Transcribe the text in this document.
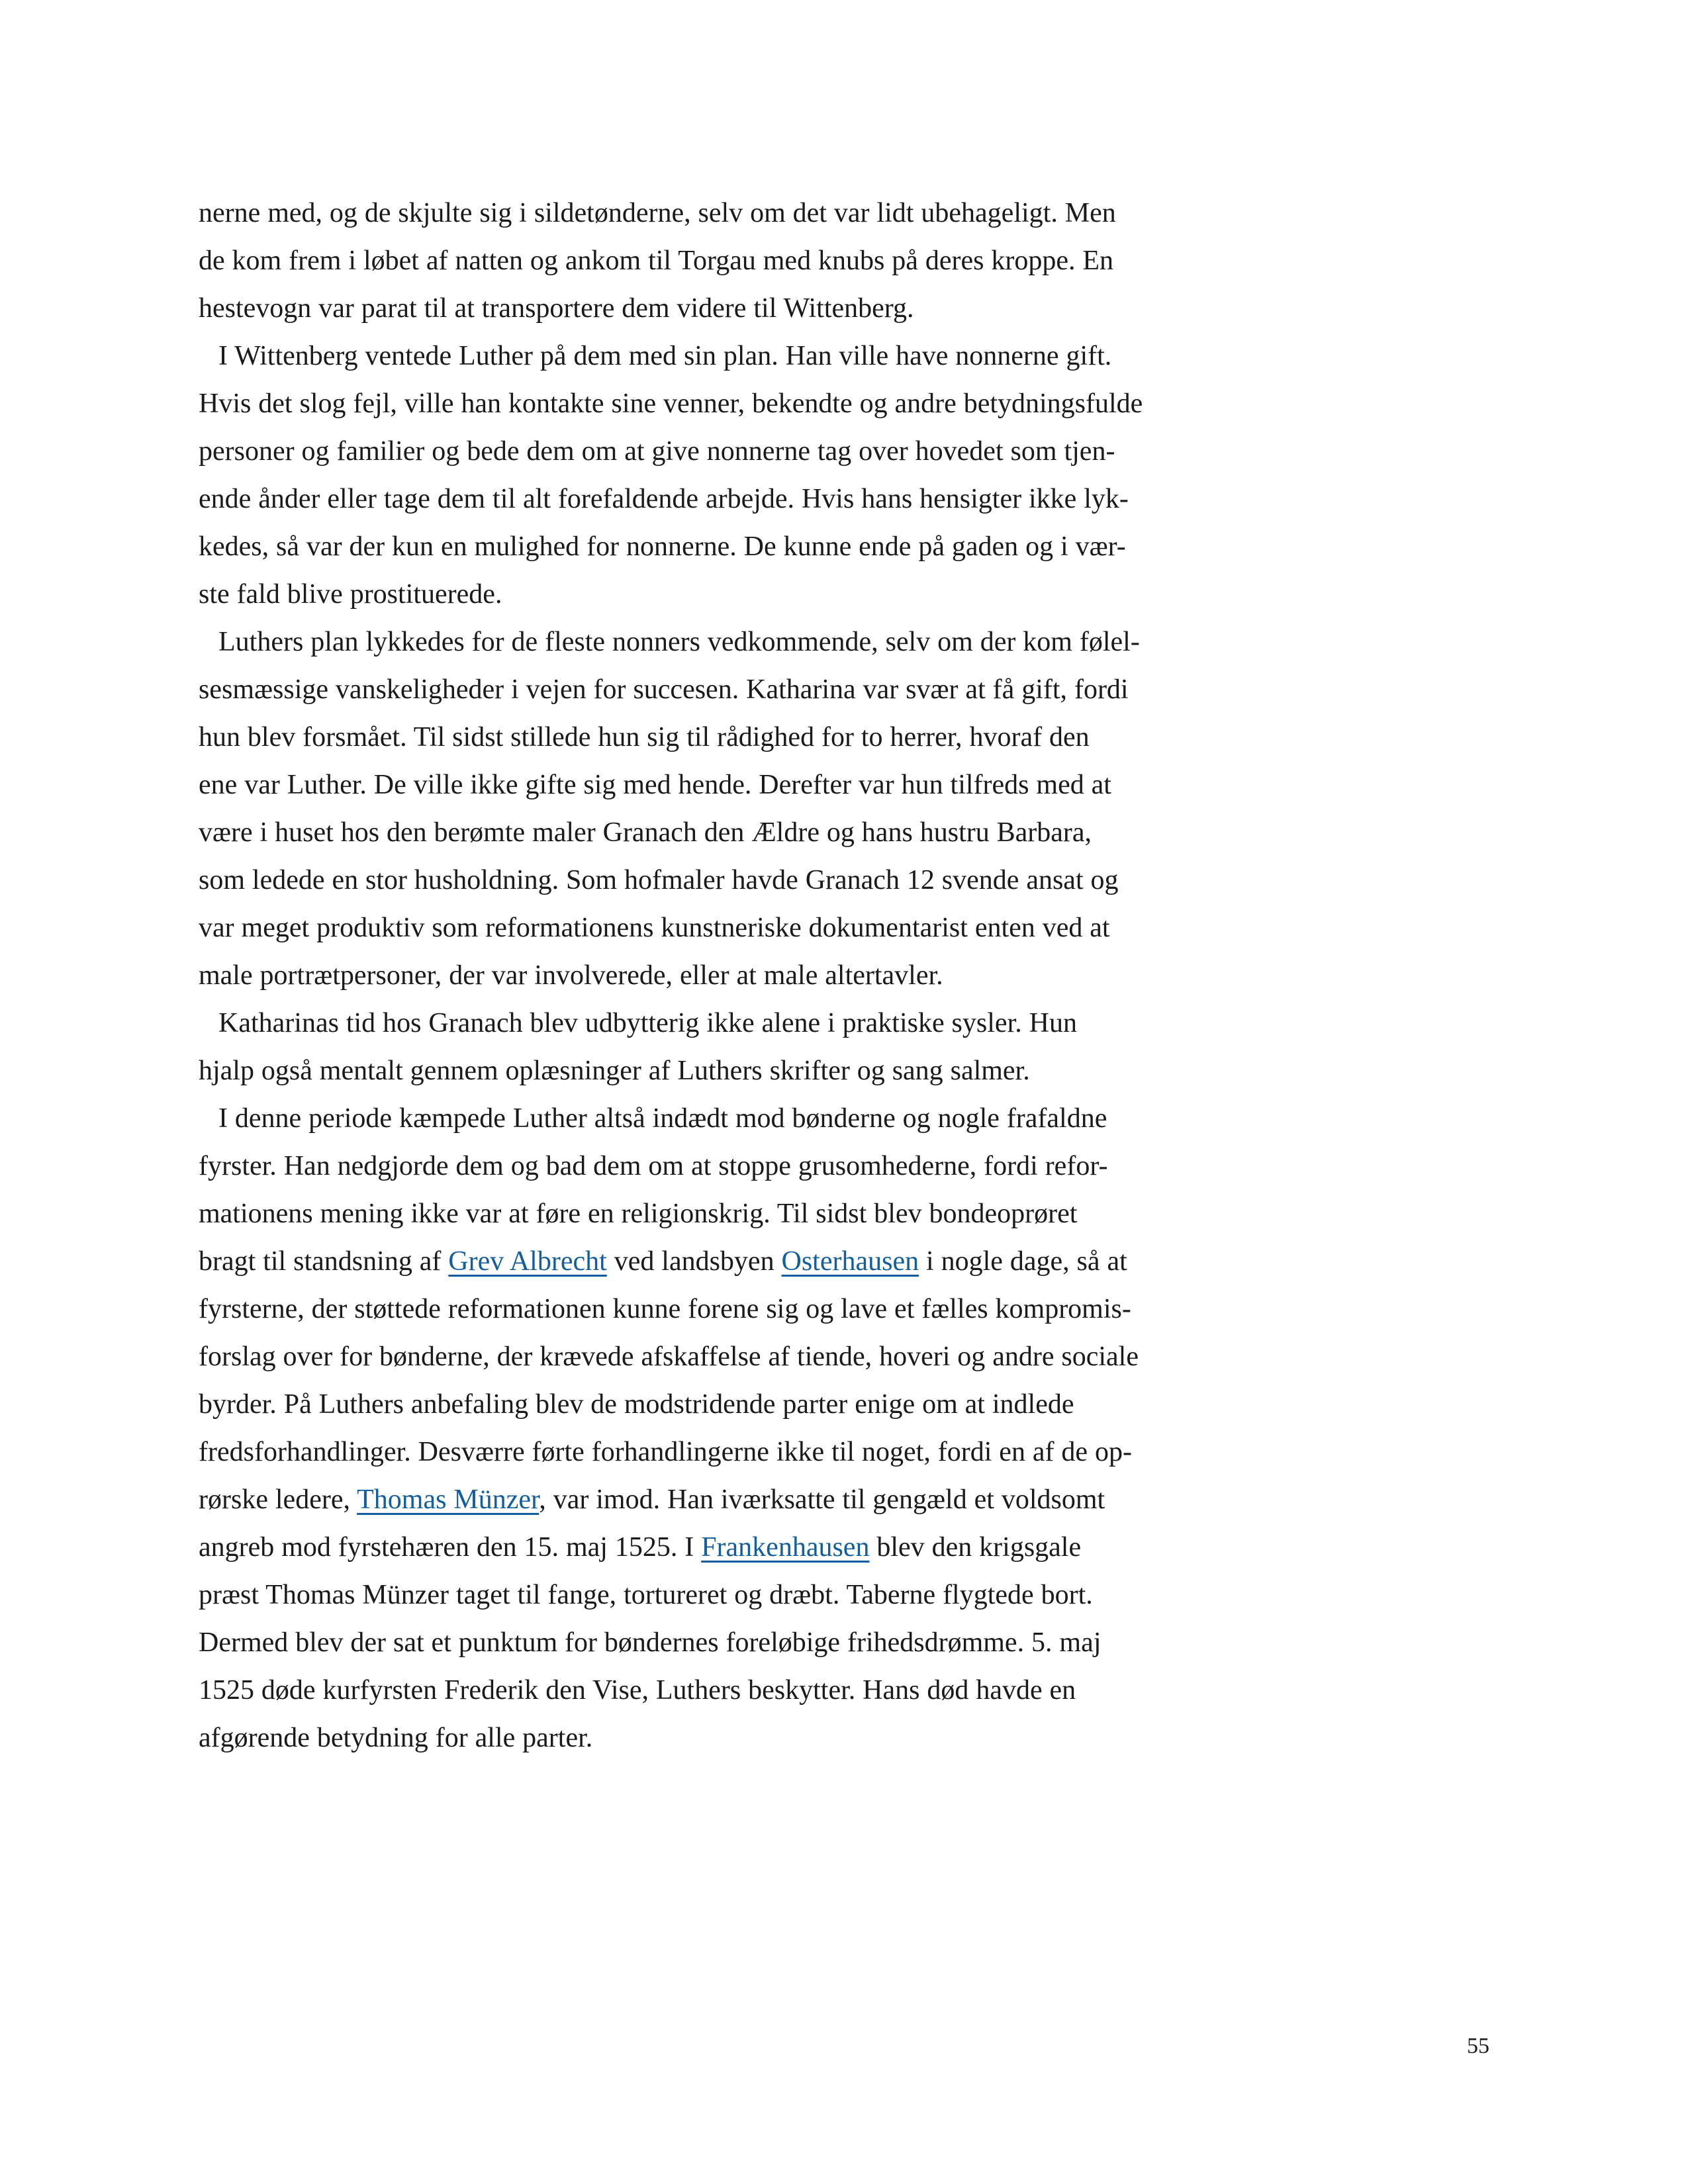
nerne med, og de skjulte sig i sildetønderne, selv om det var lidt ubehageligt. Men
de kom frem i løbet af natten og ankom til Torgau med knubs på deres kroppe. En
hestevogn var parat til at transportere dem videre til Wittenberg.

I Wittenberg ventede Luther på dem med sin plan. Han ville have nonnerne gift.
Hvis det slog fejl, ville han kontakte sine venner, bekendte og andre betydningsfulde
personer og familier og bede dem om at give nonnerne tag over hovedet som tjen-
ende ånder eller tage dem til alt forefaldende arbejde. Hvis hans hensigter ikke lyk-
kedes, så var der kun en mulighed for nonnerne. De kunne ende på gaden og i vær-
ste fald blive prostituerede.

Luthers plan lykkedes for de fleste nonners vedkommende, selv om der kom følel-
sesmæssige vanskeligheder i vejen for succesen. Katharina var svær at få gift, fordi
hun blev forsmået. Til sidst stillede hun sig til rådighed for to herrer, hvoraf den
ene var Luther. De ville ikke gifte sig med hende. Derefter var hun tilfreds med at
være i huset hos den berømte maler Granach den Ældre og hans hustru Barbara,
som ledede en stor husholdning. Som hofmaler havde Granach 12 svende ansat og
var meget produktiv som reformationens kunstneriske dokumentarist enten ved at
male portrætpersoner, der var involverede, eller at male altertavler.

Katharinas tid hos Granach blev udbytterig ikke alene i praktiske sysler. Hun
hjalp også mentalt gennem oplæsninger af Luthers skrifter og sang salmer.

I denne periode kæmpede Luther altså indædt mod bønderne og nogle frafaldne
fyrster. Han nedgjorde dem og bad dem om at stoppe grusomhederne, fordi refor-
mationens mening ikke var at føre en religionskrig. Til sidst blev bondeoprøret
bragt til standsning af Grev Albrecht ved landsbyen Osterhausen i nogle dage, så at
fyrsterne, der støttede reformationen kunne forene sig og lave et fælles kompromis-
forslag over for bønderne, der krævede afskaffelse af tiende, hoveri og andre sociale
byrder. På Luthers anbefaling blev de modstridende parter enige om at indlede
fredsforhandlinger. Desværre førte forhandlingerne ikke til noget, fordi en af de op-
rørske ledere, Thomas Münzer, var imod. Han iværksatte til gengæld et voldsomt
angreb mod fyrstehæren den 15. maj 1525. I Frankenhausen blev den krigsgale
præst Thomas Münzer taget til fange, tortureret og dræbt. Taberne flygtede bort.
Dermed blev der sat et punktum for bøndernes foreløbige frihedsdrømme. 5. maj
1525 døde kurfyrsten Frederik den Vise, Luthers beskytter. Hans død havde en
afgørende betydning for alle parter.

55
